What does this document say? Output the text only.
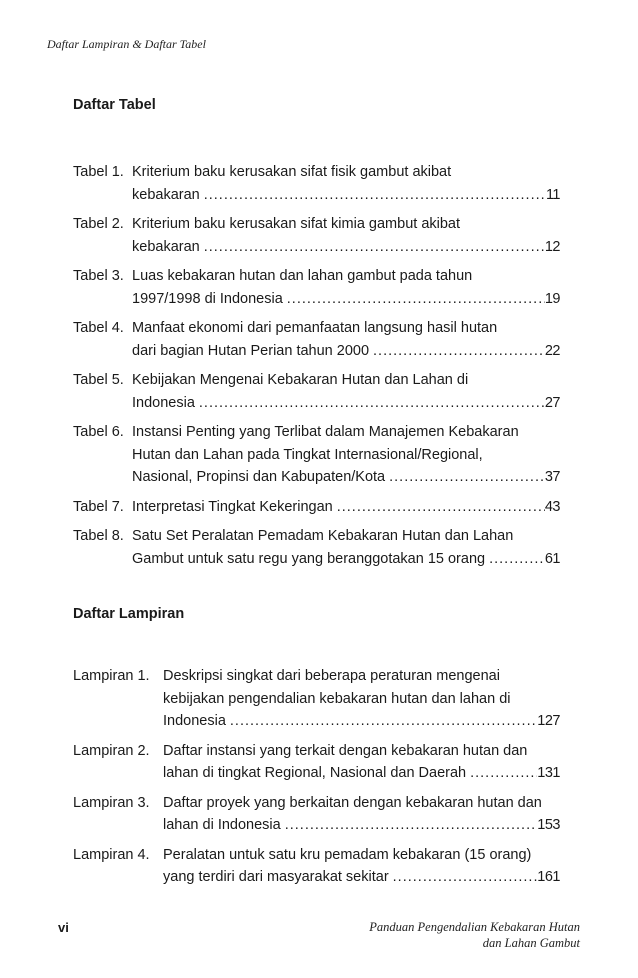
Daftar Lampiran & Daftar Tabel
Daftar Tabel
Tabel 1. Kriterium baku kerusakan sifat fisik gambut akibat
kebakaran .....	11
Tabel 2. Kriterium baku kerusakan sifat kimia gambut akibat
kebakaran .....	12
Tabel 3. Luas kebakaran hutan dan lahan gambut pada tahun
1997/1998 di Indonesia .....	19
Tabel 4. Manfaat ekonomi dari pemanfaatan langsung hasil hutan
dari bagian Hutan Perian tahun 2000 .....	22
Tabel 5. Kebijakan Mengenai Kebakaran Hutan dan Lahan di
Indonesia .....	27
Tabel 6. Instansi Penting yang Terlibat dalam Manajemen Kebakaran
Hutan dan Lahan pada Tingkat Internasional/Regional,
Nasional, Propinsi dan Kabupaten/Kota .....	37
Tabel 7. Interpretasi Tingkat Kekeringan .....	43
Tabel 8. Satu Set Peralatan Pemadam Kebakaran Hutan dan Lahan
Gambut untuk satu regu yang beranggotakan 15 orang .....	61
Daftar Lampiran
Lampiran 1. Deskripsi singkat dari beberapa peraturan mengenai
kebijakan pengendalian kebakaran hutan dan lahan di
Indonesia .....	127
Lampiran 2. Daftar instansi yang terkait dengan kebakaran hutan dan
lahan di tingkat Regional, Nasional dan Daerah .....	131
Lampiran 3. Daftar proyek yang berkaitan dengan kebakaran hutan dan
lahan di Indonesia .....	153
Lampiran 4. Peralatan untuk satu kru pemadam kebakaran (15 orang)
yang terdiri dari masyarakat sekitar .....	161
vi	Panduan Pengendalian Kebakaran Hutan
dan Lahan Gambut
